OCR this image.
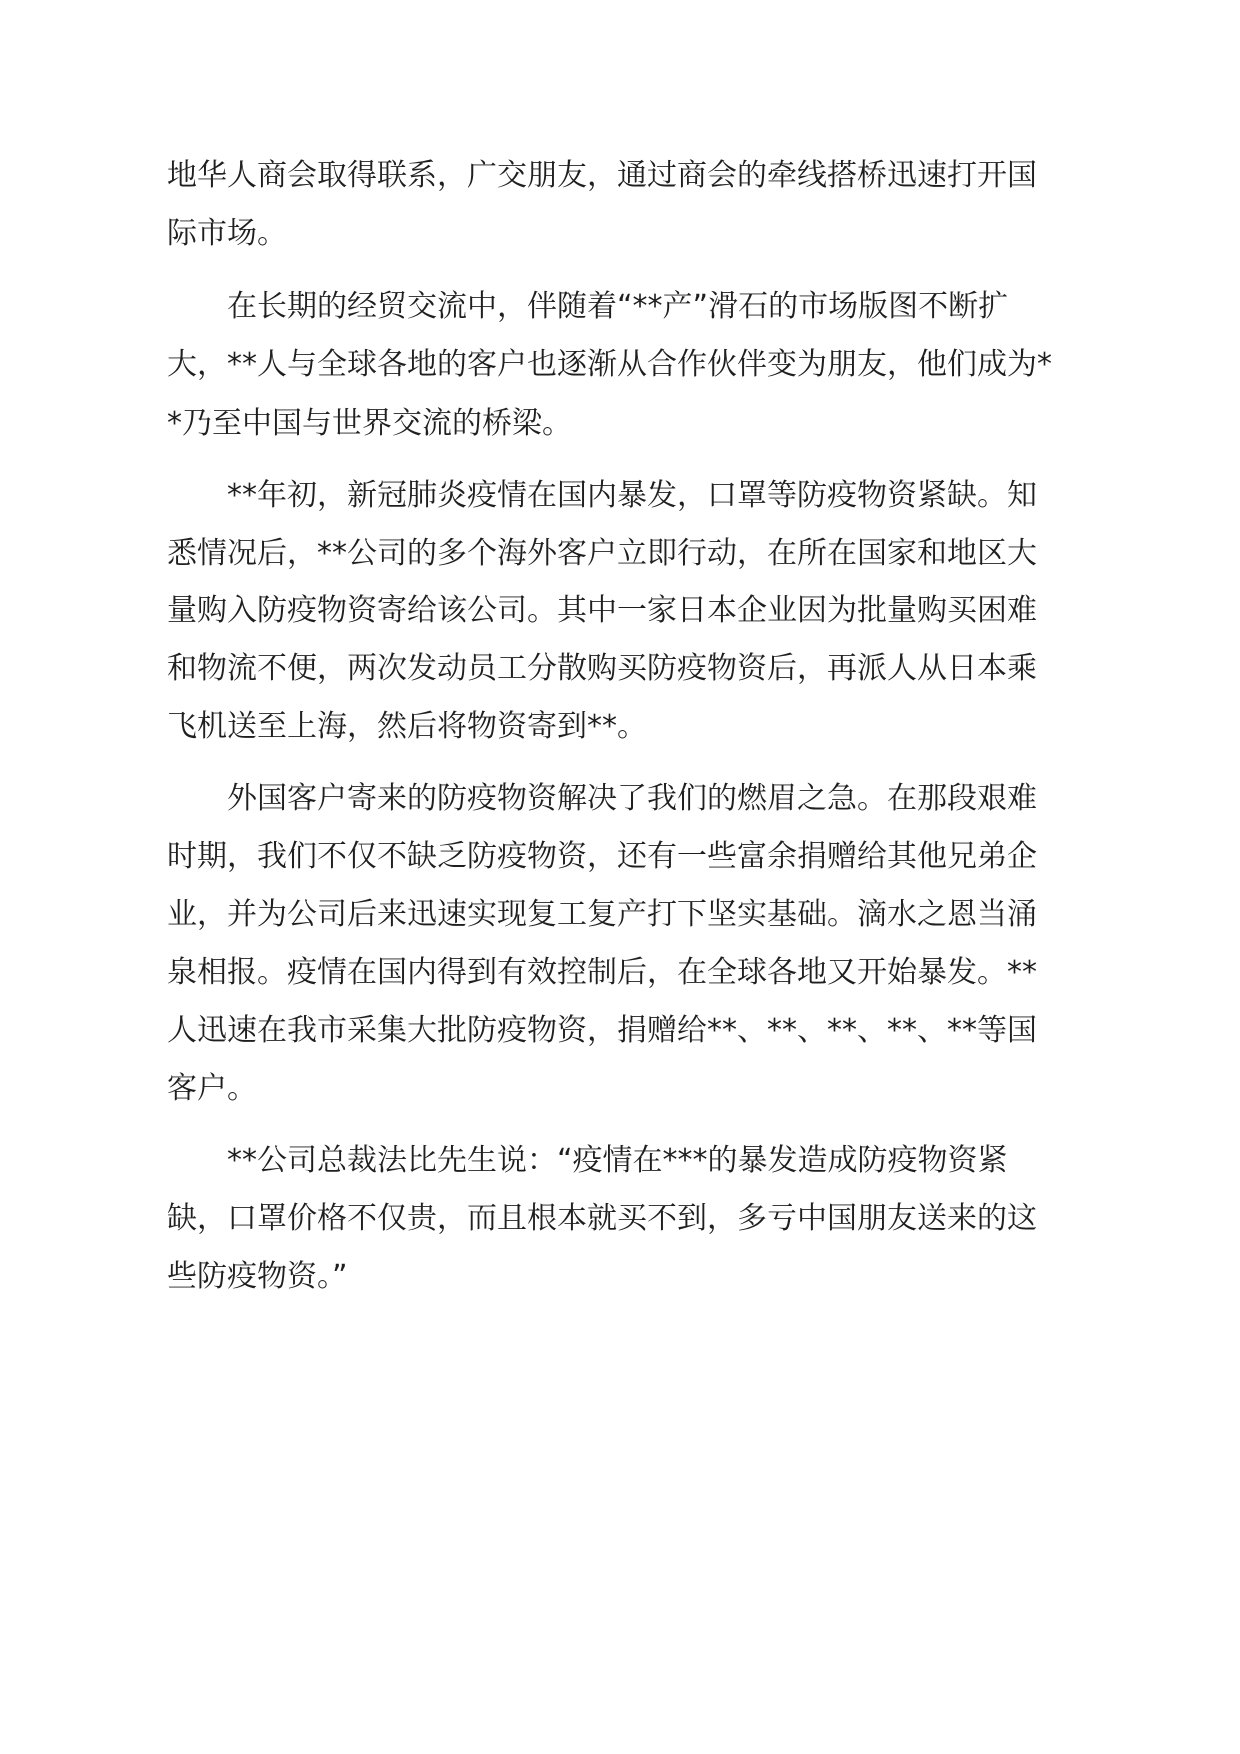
地华人商会取得联系，广交朋友，通过商会的牵线搭桥迅速打开国
际市场。
在长期的经贸交流中，伴随着“**产”滑石的市场版图不断扩
大，**人与全球各地的客户也逐渐从合作伙伴变为朋友，他们成为*
*乃至中国与世界交流的桥梁。
**年初，新冠肺炎疫情在国内暴发，口罩等防疫物资紧缺。知
悉情况后，**公司的多个海外客户立即行动，在所在国家和地区大
量购入防疫物资寄给该公司。其中一家日本企业因为批量购买困难
和物流不便，两次发动员工分散购买防疫物资后，再派人从日本乘
飞机送至上海，然后将物资寄到**。
外国客户寄来的防疫物资解决了我们的燃眉之急。在那段艰难
时期，我们不仅不缺乏防疫物资，还有一些富余捐赠给其他兄弟企
业，并为公司后来迅速实现复工复产打下坚实基础。滴水之恩当涌
泉相报。疫情在国内得到有效控制后，在全球各地又开始暴发。**
人迅速在我市采集大批防疫物资，捐赠给**、**、**、**、**等国
客户。
**公司总裁法比先生说：“疫情在***的暴发造成防疫物资紧
缺，口罩价格不仅贵，而且根本就买不到，多亏中国朋友送来的这
些防疫物资。”
